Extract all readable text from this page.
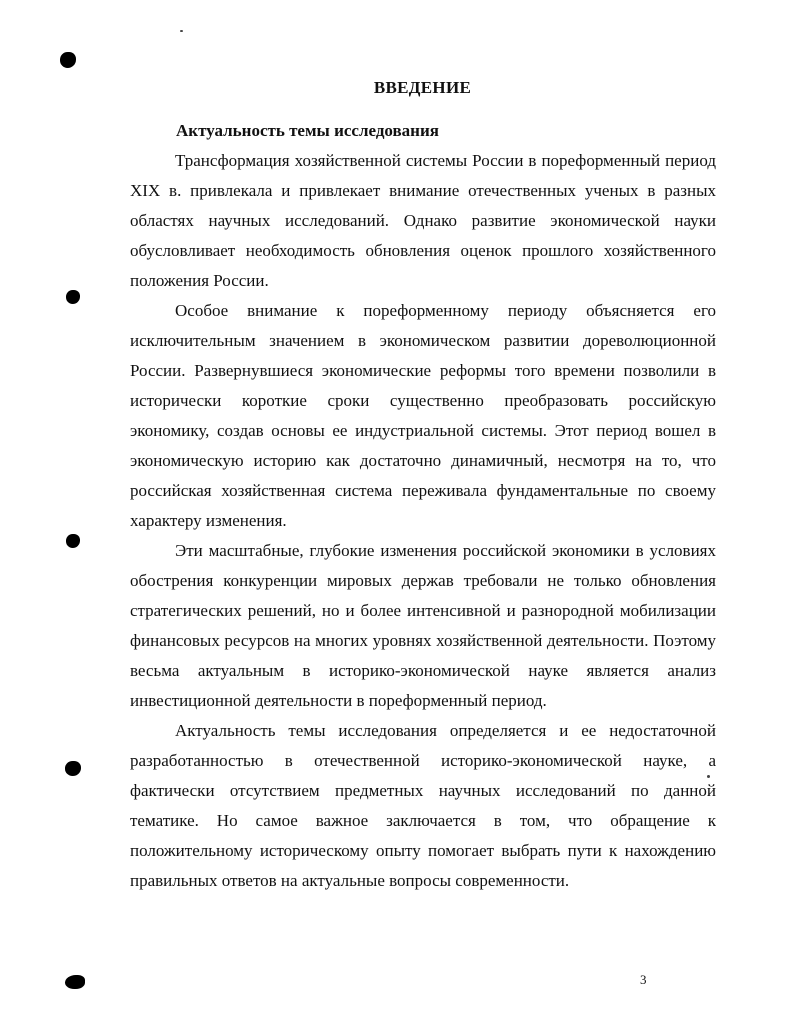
ВВЕДЕНИЕ
Актуальность темы исследования

Трансформация хозяйственной системы России в пореформенный период XIX в. привлекала и привлекает внимание отечественных ученых в разных областях научных исследований. Однако развитие экономической науки обусловливает необходимость обновления оценок прошлого хозяйственного положения России.

Особое внимание к пореформенному периоду объясняется его исключительным значением в экономическом развитии дореволюционной России. Развернувшиеся экономические реформы того времени позволили в исторически короткие сроки существенно преобразовать российскую экономику, создав основы ее индустриальной системы. Этот период вошел в экономическую историю как достаточно динамичный, несмотря на то, что российская хозяйственная система переживала фундаментальные по своему характеру изменения.

Эти масштабные, глубокие изменения российской экономики в условиях обострения конкуренции мировых держав требовали не только обновления стратегических решений, но и более интенсивной и разнородной мобилизации финансовых ресурсов на многих уровнях хозяйственной деятельности. Поэтому весьма актуальным в историко-экономической науке является анализ инвестиционной деятельности в пореформенный период.

Актуальность темы исследования определяется и ее недостаточной разработанностью в отечественной историко-экономической науке, а фактически отсутствием предметных научных исследований по данной тематике. Но самое важное заключается в том, что обращение к положительному историческому опыту помогает выбрать пути к нахождению правильных ответов на актуальные вопросы современности.

3
